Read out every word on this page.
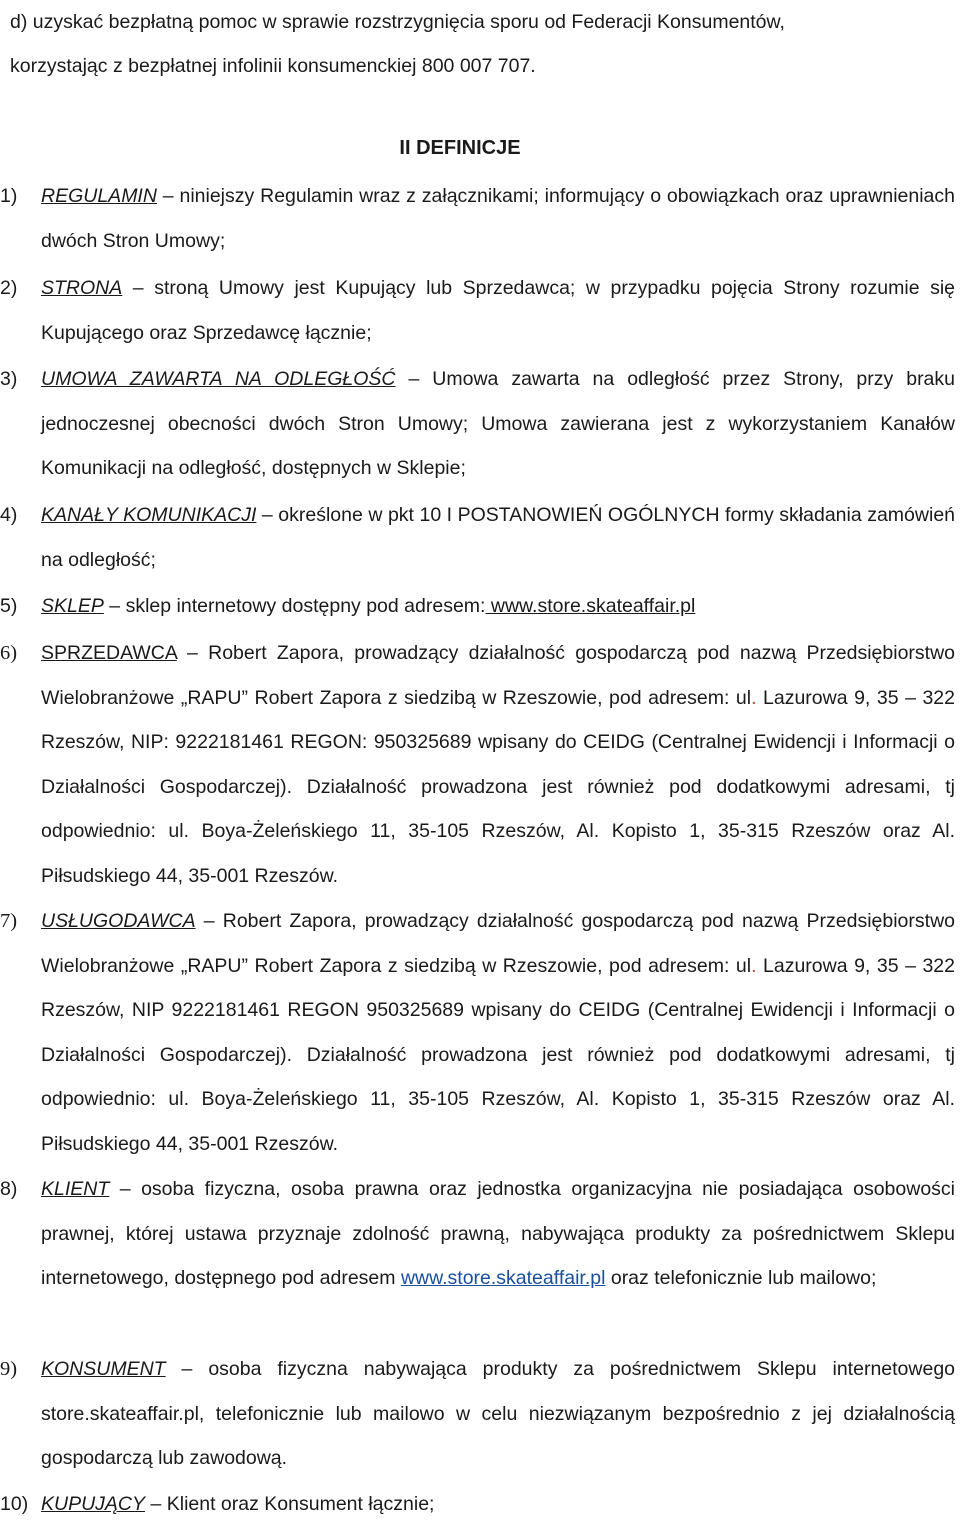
d) uzyskać bezpłatną pomoc w sprawie rozstrzygnięcia sporu od Federacji Konsumentów,
korzystając z bezpłatnej infolinii konsumenckiej 800 007 707.
II DEFINICJE
1)	REGULAMIN – niniejszy Regulamin wraz z załącznikami; informujący o obowiązkach oraz uprawnieniach dwóch Stron Umowy;
2)	STRONA – stroną Umowy jest Kupujący lub Sprzedawca; w przypadku pojęcia Strony rozumie się Kupującego oraz Sprzedawcę łącznie;
3)	UMOWA ZAWARTA NA ODLEGŁOŚĆ – Umowa zawarta na odległość przez Strony, przy braku jednoczesnej obecności dwóch Stron Umowy; Umowa zawierana jest z wykorzystaniem Kanałów Komunikacji na odległość, dostępnych w Sklepie;
4)	KANAŁY KOMUNIKACJI – określone w pkt 10 I POSTANOWIEŃ OGÓLNYCH formy składania zamówień na odległość;
5)	SKLEP – sklep internetowy dostępny pod adresem: www.store.skateaffair.pl
6)	SPRZEDAWCA – Robert Zapora, prowadzący działalność gospodarczą pod nazwą Przedsiębiorstwo Wielobranżowe „RAPU” Robert Zapora z siedzibą w Rzeszowie, pod adresem: ul. Lazurowa 9, 35 – 322 Rzeszów, NIP: 9222181461 REGON: 950325689 wpisany do CEIDG (Centralnej Ewidencji i Informacji o Działalności Gospodarczej). Działalność prowadzona jest również pod dodatkowymi adresami, tj odpowiednio: ul. Boya-Żeleńskiego 11, 35-105 Rzeszów, Al. Kopisto 1, 35-315 Rzeszów oraz Al. Piłsudskiego 44, 35-001 Rzeszów.
7)	USŁUGODAWCA – Robert Zapora, prowadzący działalność gospodarczą pod nazwą Przedsiębiorstwo Wielobranżowe „RAPU” Robert Zapora z siedzibą w Rzeszowie, pod adresem: ul. Lazurowa 9, 35 – 322 Rzeszów, NIP 9222181461 REGON 950325689 wpisany do CEIDG (Centralnej Ewidencji i Informacji o Działalności Gospodarczej). Działalność prowadzona jest również pod dodatkowymi adresami, tj odpowiednio: ul. Boya-Żeleńskiego 11, 35-105 Rzeszów, Al. Kopisto 1, 35-315 Rzeszów oraz Al. Piłsudskiego 44, 35-001 Rzeszów.
8)	KLIENT – osoba fizyczna, osoba prawna oraz jednostka organizacyjna nie posiadająca osobowości prawnej, której ustawa przyznaje zdolność prawną, nabywająca produkty za pośrednictwem Sklepu internetowego, dostępnego pod adresem www.store.skateaffair.pl oraz telefonicznie lub mailowo;
9)	KONSUMENT – osoba fizyczna nabywająca produkty za pośrednictwem Sklepu internetowego store.skateaffair.pl, telefonicznie lub mailowo w celu niezwiązanym bezpośrednio z jej działalnością gospodarczą lub zawodową.
10) KUPUJĄCY – Klient oraz Konsument łącznie;
